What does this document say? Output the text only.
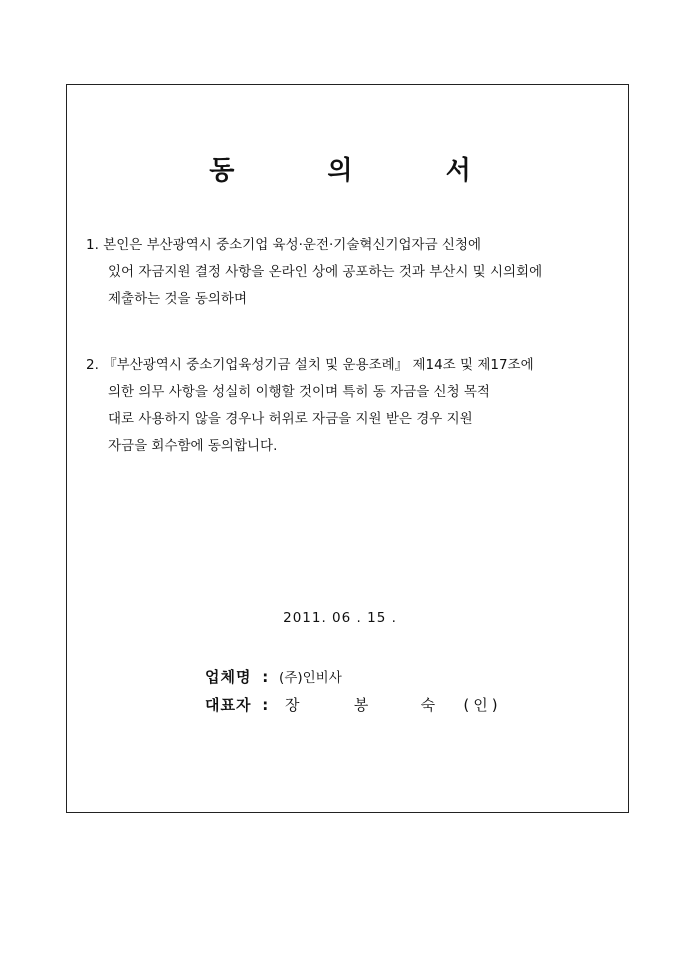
동 의 서
1. 본인은 부산광역시 중소기업 육성·운전·기술혁신기업자금 신청에
있어 자금지원 결정 사항을 온라인 상에 공포하는 것과 부산시 및 시의회에
제출하는 것을 동의하며
2. 『부산광역시 중소기업육성기금 설치 및 운용조례』 제14조 및 제17조에
의한 의무 사항을 성실히 이행할 것이며 특히 동 자금을 신청 목적
대로 사용하지 않을 경우나 허위로 자금을 지원 받은 경우 지원
자금을 회수함에 동의합니다.
2011. 06 . 15 .
업체명 : (주)인비사
대표자 : 장	봉	숙 (인)
